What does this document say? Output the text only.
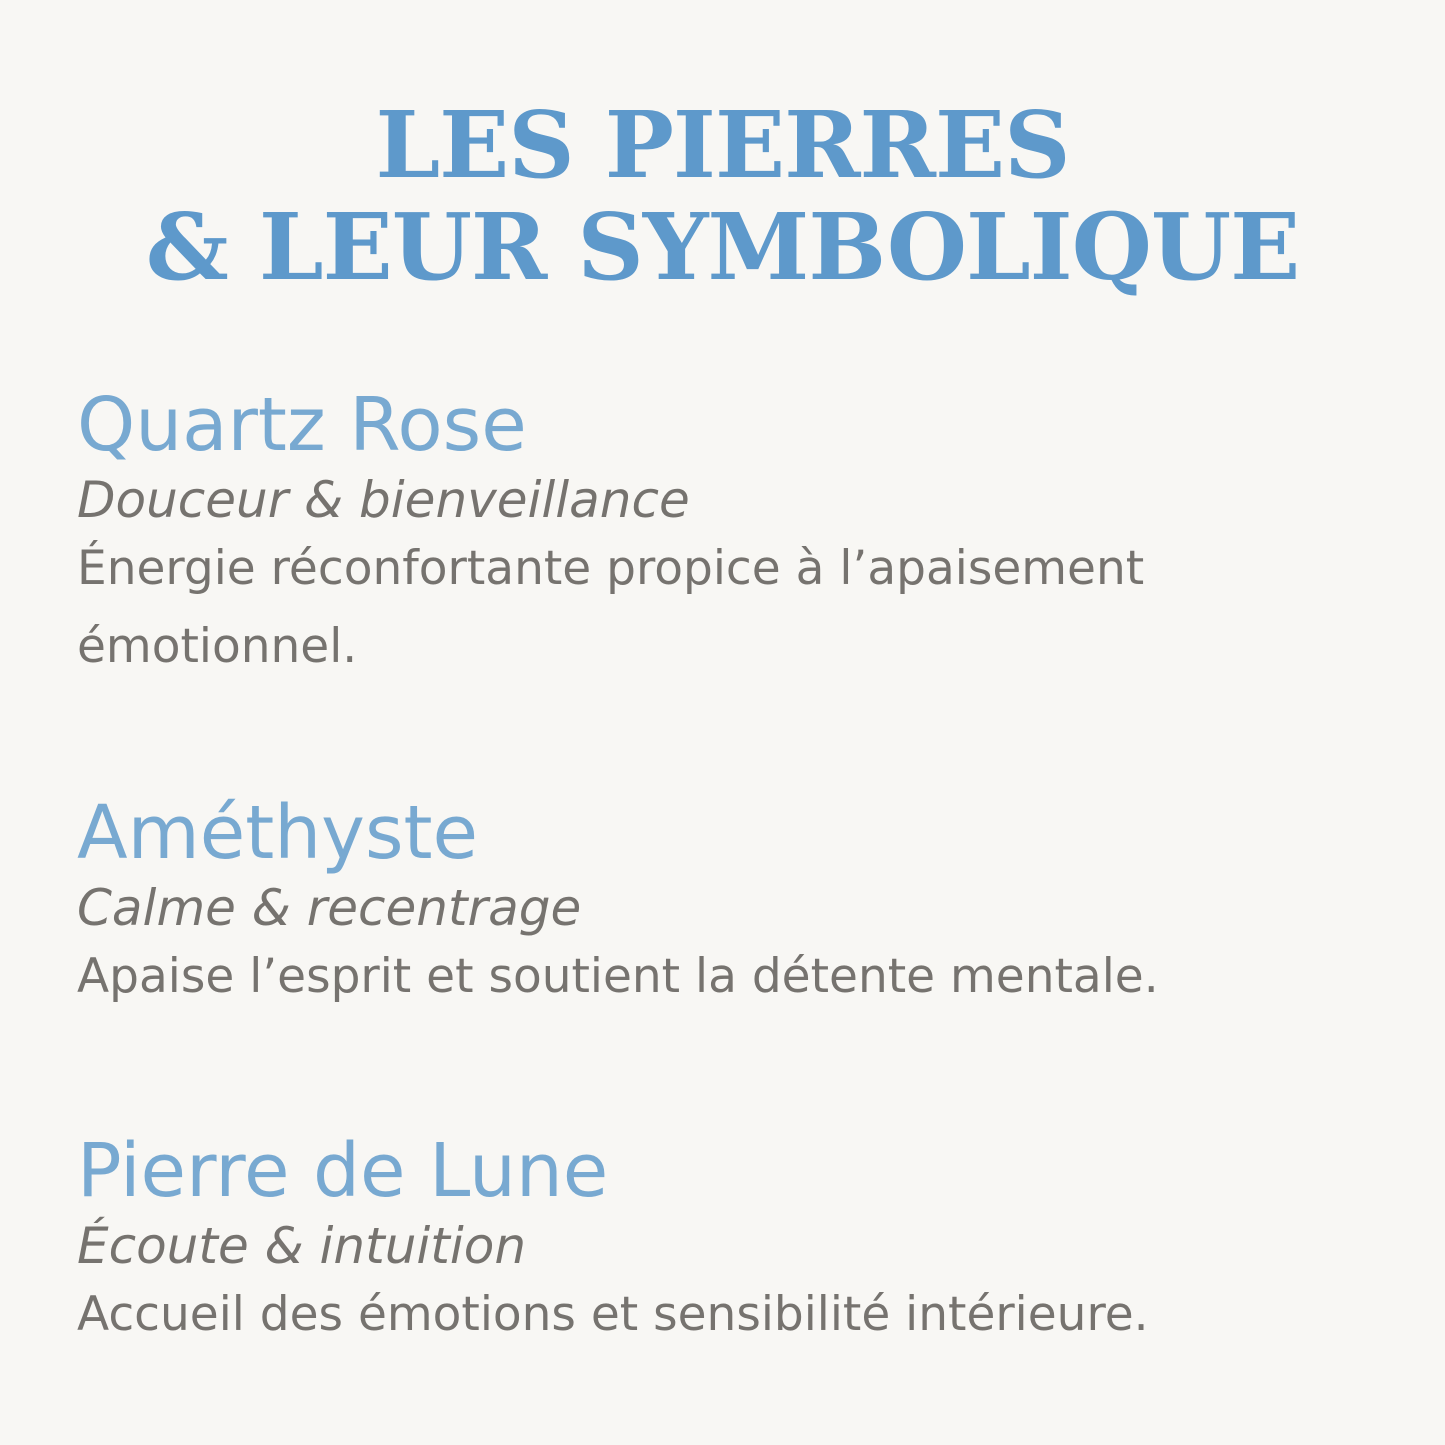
LES PIERRES
& LEUR SYMBOLIQUE
Quartz Rose

Douceur & bienveillance

Énergie réconfortante propice à l’apaisement émotionnel.

Améthyste

Calme & recentrage

Apaise l’esprit et soutient la détente mentale.

Pierre de Lune

Écoute & intuition

Accueil des émotions et sensibilité intérieure.
